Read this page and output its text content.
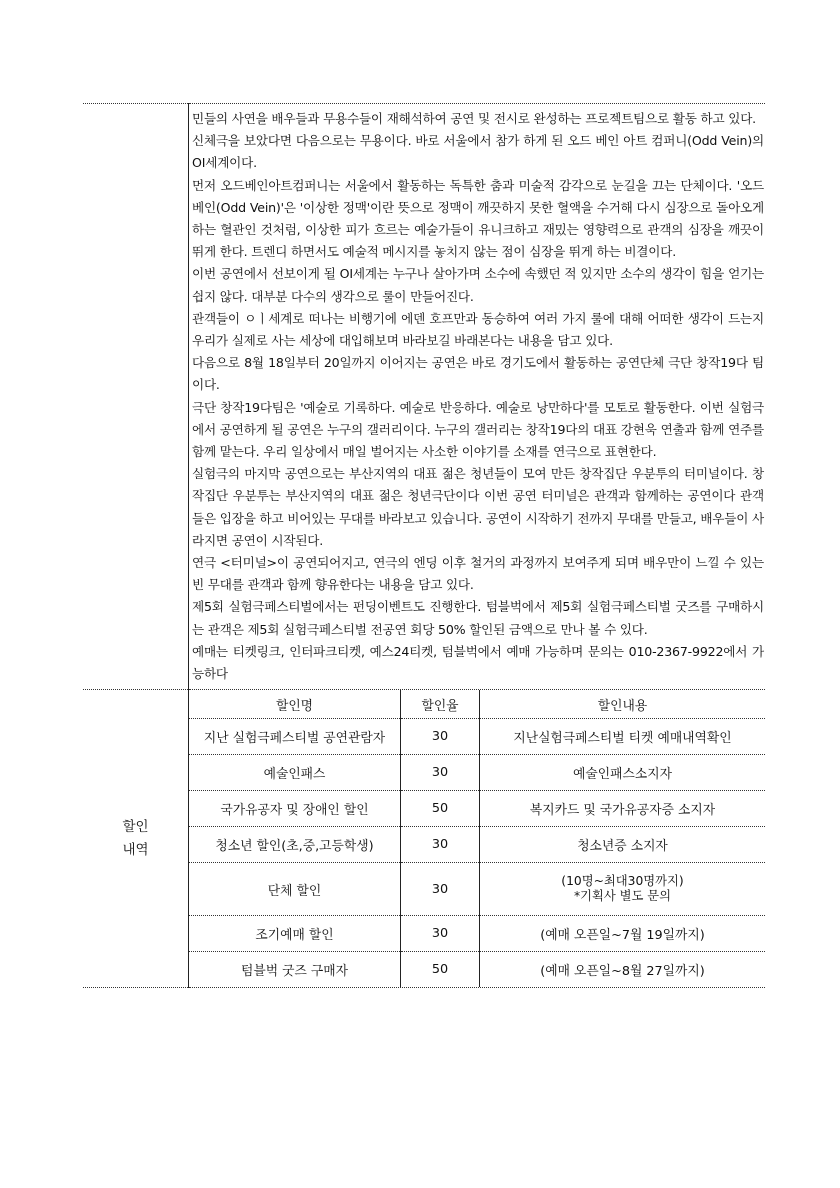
민들의 사연을 배우들과 무용수들이 재해석하여 공연 및 전시로 완성하는 프로젝트팀으로 활동 하고 있다.

신체극을 보았다면 다음으로는 무용이다. 바로 서울에서 참가 하게 된 오드 베인 아트 컴퍼니(Odd Vein)의 OI세계이다.

먼저 오드베인아트컴퍼니는 서울에서 활동하는 독특한 춤과 미술적 감각으로 눈길을 끄는 단체이다. '오드 베인(Odd Vein)'은 '이상한 정맥'이란 뜻으로 정맥이 깨끗하지 못한 혈액을 수거해 다시 심장으로 돌아오게 하는 혈관인 것처럼, 이상한 피가 흐르는 예술가들이 유니크하고 재밌는 영향력으로 관객의 심장을 깨끗이 뛰게 한다. 트렌디 하면서도 예술적 메시지를 놓치지 않는 점이 심장을 뛰게 하는 비결이다.

이번 공연에서 선보이게 될 OI세계는 누구나 살아가며 소수에 속했던 적 있지만 소수의 생각이 힘을 얻기는 쉽지 않다. 대부분 다수의 생각으로 룰이 만들어진다.

관객들이 ㅇㅣ세계로 떠나는 비행기에 에덴 호프만과 동승하여 여러 가지 룰에 대해 어떠한 생각이 드는지 우리가 실제로 사는 세상에 대입해보며 바라보길 바래본다는 내용을 담고 있다.

다음으로 8월 18일부터 20일까지 이어지는 공연은 바로 경기도에서 활동하는 공연단체 극단 창작19다 팀이다.

극단 창작19다팀은 '예술로 기록하다. 예술로 반응하다. 예술로 낭만하다'를 모토로 활동한다. 이번 실험극에서 공연하게 될 공연은 누구의 갤러리이다. 누구의 갤러리는 창작19다의 대표 강현욱 연출과 함께 연주를 함께 맡는다. 우리 일상에서 매일 벌어지는 사소한 이야기를 소재를 연극으로 표현한다.

실험극의 마지막 공연으로는 부산지역의 대표 젊은 청년들이 모여 만든 창작집단 우분투의 터미널이다. 창작집단 우분투는 부산지역의 대표 젊은 청년극단이다 이번 공연 터미널은 관객과 함께하는 공연이다 관객들은 입장을 하고 비어있는 무대를 바라보고 있습니다. 공연이 시작하기 전까지 무대를 만들고, 배우들이 사라지면 공연이 시작된다.

연극 <터미널>이 공연되어지고, 연극의 엔딩 이후 철거의 과정까지 보여주게 되며 배우만이 느낄 수 있는 빈 무대를 관객과 함께 향유한다는 내용을 담고 있다.

제5회 실험극페스티벌에서는 펀딩이벤트도 진행한다. 텀블벅에서 제5회 실험극페스티벌 굿즈를 구매하시는 관객은 제5회 실험극페스티벌 전공연 회당 50% 할인된 금액으로 만나 볼 수 있다.

예매는 티켓링크, 인터파크티켓, 예스24티켓, 텀블벅에서 예매 가능하며 문의는 010-2367-9922에서 가능하다

할인
내역

할인명	할인율	할인내용
지난 실험극페스티벌 공연관람자	30	지난실험극페스티벌 티켓 예매내역확인
예술인패스	30	예술인패스소지자
국가유공자 및 장애인 할인	50	복지카드 및 국가유공자증 소지자
청소년 할인(초,중,고등학생)	30	청소년증 소지자
단체 할인	30	
(10명~최대30명까지)
*기획사 별도 문의

조기예매 할인	30	(예매 오픈일~7월 19일까지)
텀블벅 굿즈 구매자	50	(예매 오픈일~8월 27일까지)
